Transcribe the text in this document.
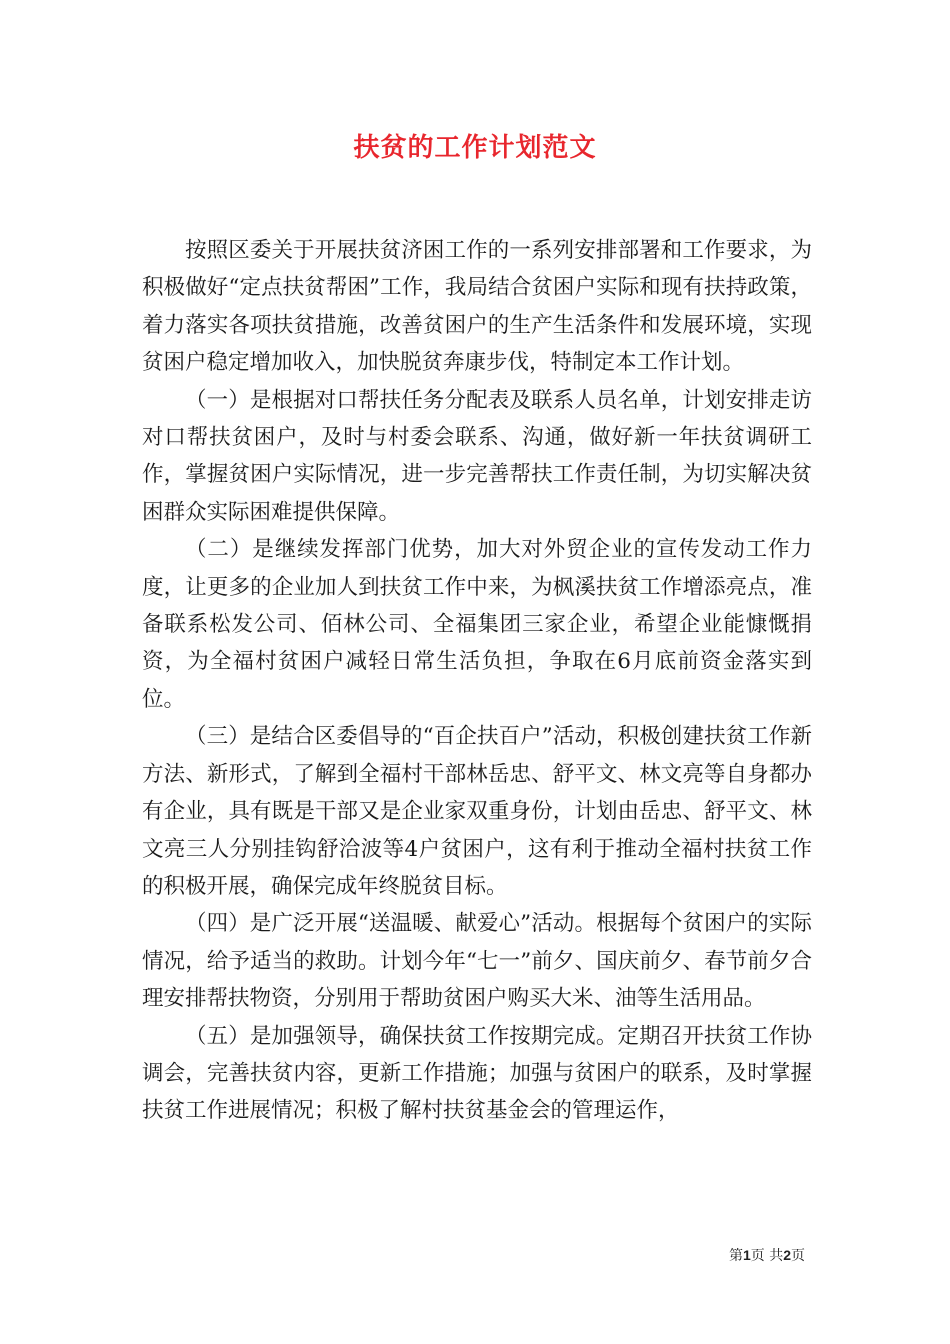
扶贫的工作计划范文

按照区委关于开展扶贫济困工作的一系列安排部署和工作要求，为积极做好“定点扶贫帮困”工作，我局结合贫困户实际和现有扶持政策，着力落实各项扶贫措施，改善贫困户的生产生活条件和发展环境，实现贫困户稳定增加收入，加快脱贫奔康步伐，特制定本工作计划。

（一）是根据对口帮扶任务分配表及联系人员名单，计划安排走访对口帮扶贫困户，及时与村委会联系、沟通，做好新一年扶贫调研工作，掌握贫困户实际情况，进一步完善帮扶工作责任制，为切实解决贫困群众实际困难提供保障。

（二）是继续发挥部门优势，加大对外贸企业的宣传发动工作力度，让更多的企业加人到扶贫工作中来，为枫溪扶贫工作增添亮点，准备联系松发公司、佰林公司、全福集团三家企业，希望企业能慷慨捐资，为全福村贫困户减轻日常生活负担，争取在6月底前资金落实到位。

（三）是结合区委倡导的“百企扶百户”活动，积极创建扶贫工作新方法、新形式，了解到全福村干部林岳忠、舒平文、林文亮等自身都办有企业，具有既是干部又是企业家双重身份，计划由岳忠、舒平文、林文亮三人分别挂钩舒洽波等4户贫困户，这有利于推动全福村扶贫工作的积极开展，确保完成年终脱贫目标。

（四）是广泛开展“送温暖、献爱心”活动。根据每个贫困户的实际情况，给予适当的救助。计划今年“七一”前夕、国庆前夕、春节前夕合理安排帮扶物资，分别用于帮助贫困户购买大米、油等生活用品。

（五）是加强领导，确保扶贫工作按期完成。定期召开扶贫工作协调会，完善扶贫内容，更新工作措施；加强与贫困户的联系，及时掌握扶贫工作进展情况；积极了解村扶贫基金会的管理运作，

第1页 共2页
